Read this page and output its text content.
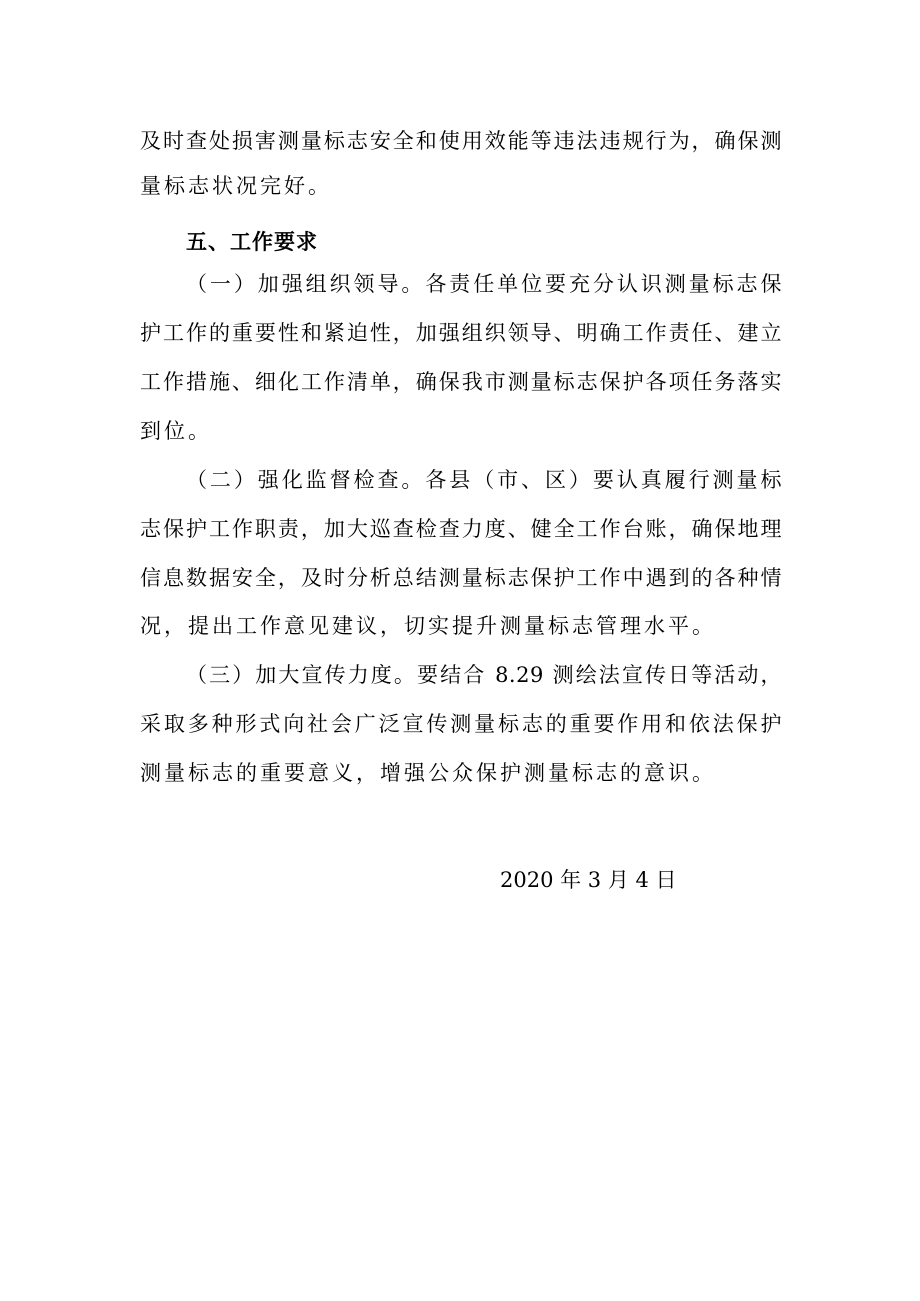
及时查处损害测量标志安全和使用效能等违法违规行为，确保测
量标志状况完好。
五、工作要求
（一）加强组织领导。各责任单位要充分认识测量标志保
护工作的重要性和紧迫性，加强组织领导、明确工作责任、建立
工作措施、细化工作清单，确保我市测量标志保护各项任务落实
到位。
（二）强化监督检查。各县（市、区）要认真履行测量标
志保护工作职责，加大巡查检查力度、健全工作台账，确保地理
信息数据安全，及时分析总结测量标志保护工作中遇到的各种情
况，提出工作意见建议，切实提升测量标志管理水平。
（三）加大宣传力度。要结合 8.29 测绘法宣传日等活动，
采取多种形式向社会广泛宣传测量标志的重要作用和依法保护
测量标志的重要意义，增强公众保护测量标志的意识。
2020 年 3 月 4 日
